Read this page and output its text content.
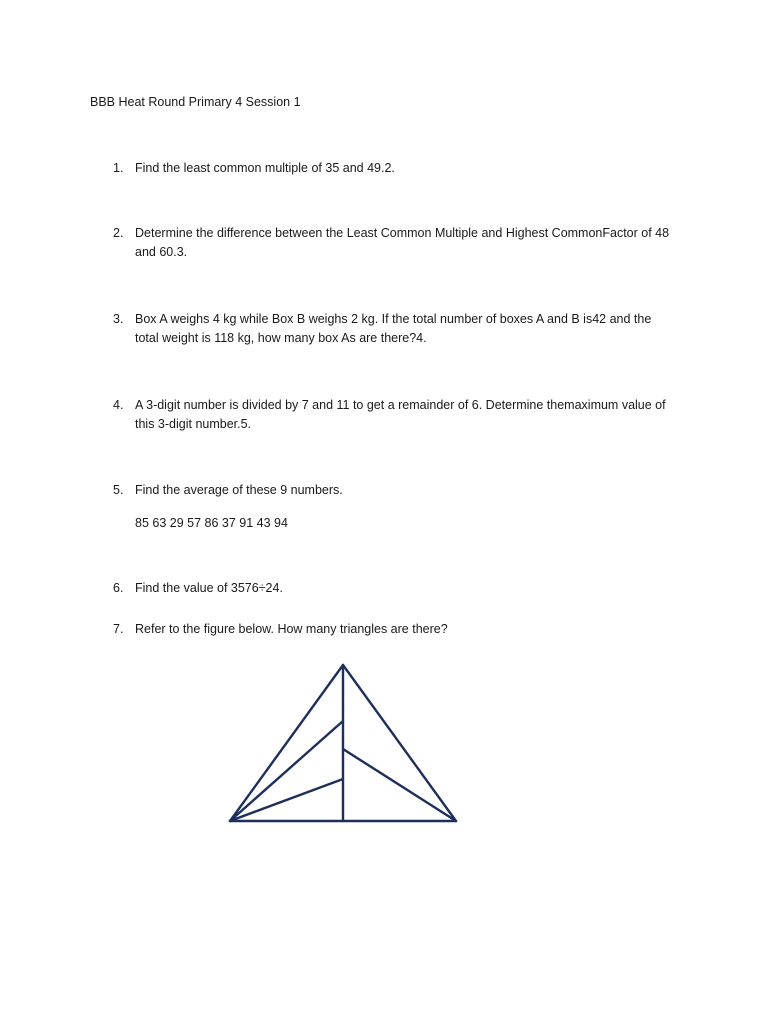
BBB Heat Round Primary 4 Session 1
1. Find the least common multiple of 35 and 49.2.
2. Determine the difference between the Least Common Multiple and Highest CommonFactor of 48 and 60.3.
3. Box A weighs 4 kg while Box B weighs 2 kg. If the total number of boxes A and B is42 and the total weight is 118 kg, how many box As are there?4.
4. A 3-digit number is divided by 7 and 11 to get a remainder of 6. Determine themaximum value of this 3-digit number.5.
5. Find the average of these 9 numbers.
85 63 29 57 86 37 91 43 94
6. Find the value of 3576÷24.
7. Refer to the figure below. How many triangles are there?
